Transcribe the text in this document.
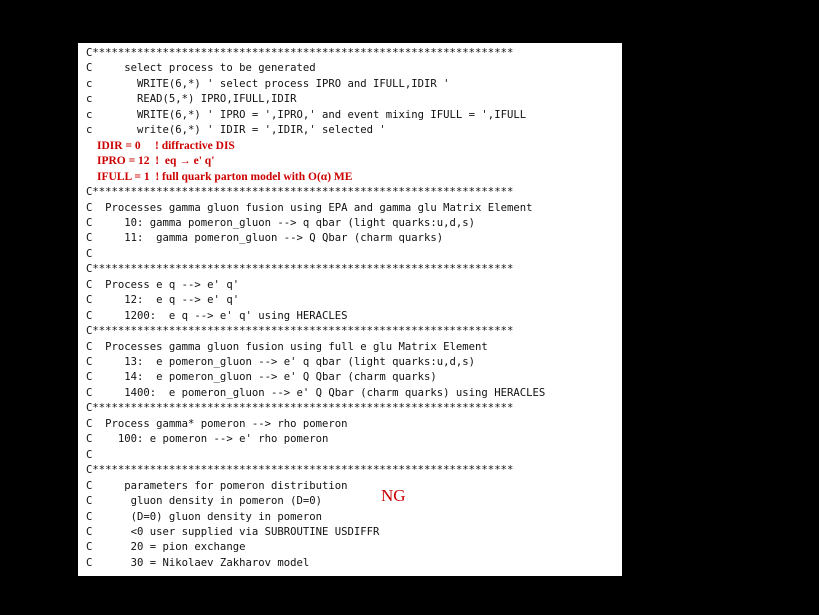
C******************************************************************
C     select process to be generated
c       WRITE(6,*) ' select process IPRO and IFULL,IDIR '
c       READ(5,*) IPRO,IFULL,IDIR
c       WRITE(6,*) ' IPRO = ',IPRO,' and event mixing IFULL = ',IFULL
c       write(6,*) ' IDIR = ',IDIR,' selected '
C******************************************************************
C  Processes gamma gluon fusion using EPA and gamma glu Matrix Element
C     10: gamma pomeron_gluon --> q qbar (light quarks:u,d,s)
C     11:  gamma pomeron_gluon --> Q Qbar (charm quarks)
C
C******************************************************************
C  Process e q --> e' q'
C     12:  e q --> e' q'
C     1200:  e q --> e' q' using HERACLES
C******************************************************************
C  Processes gamma gluon fusion using full e glu Matrix Element
C     13:  e pomeron_gluon --> e' q qbar (light quarks:u,d,s)
C     14:  e pomeron_gluon --> e' Q Qbar (charm quarks)
C     1400:  e pomeron_gluon --> e' Q Qbar (charm quarks) using HERACLES
C******************************************************************
C  Process gamma* pomeron --> rho pomeron
C    100: e pomeron --> e' rho pomeron
C
C******************************************************************
C     parameters for pomeron distribution
C      gluon density in pomeron (D=0)
C      (D=0) gluon density in pomeron
C      <0 user supplied via SUBROUTINE USDIFFR
C      20 = pion exchange
C      30 = Nikolaev Zakharov model
IDIR = 0     ! diffractive DIS
IPRO = 12  !  eq → e' q'
IFULL = 1  ! full quark parton model with O(α) ME
NG
